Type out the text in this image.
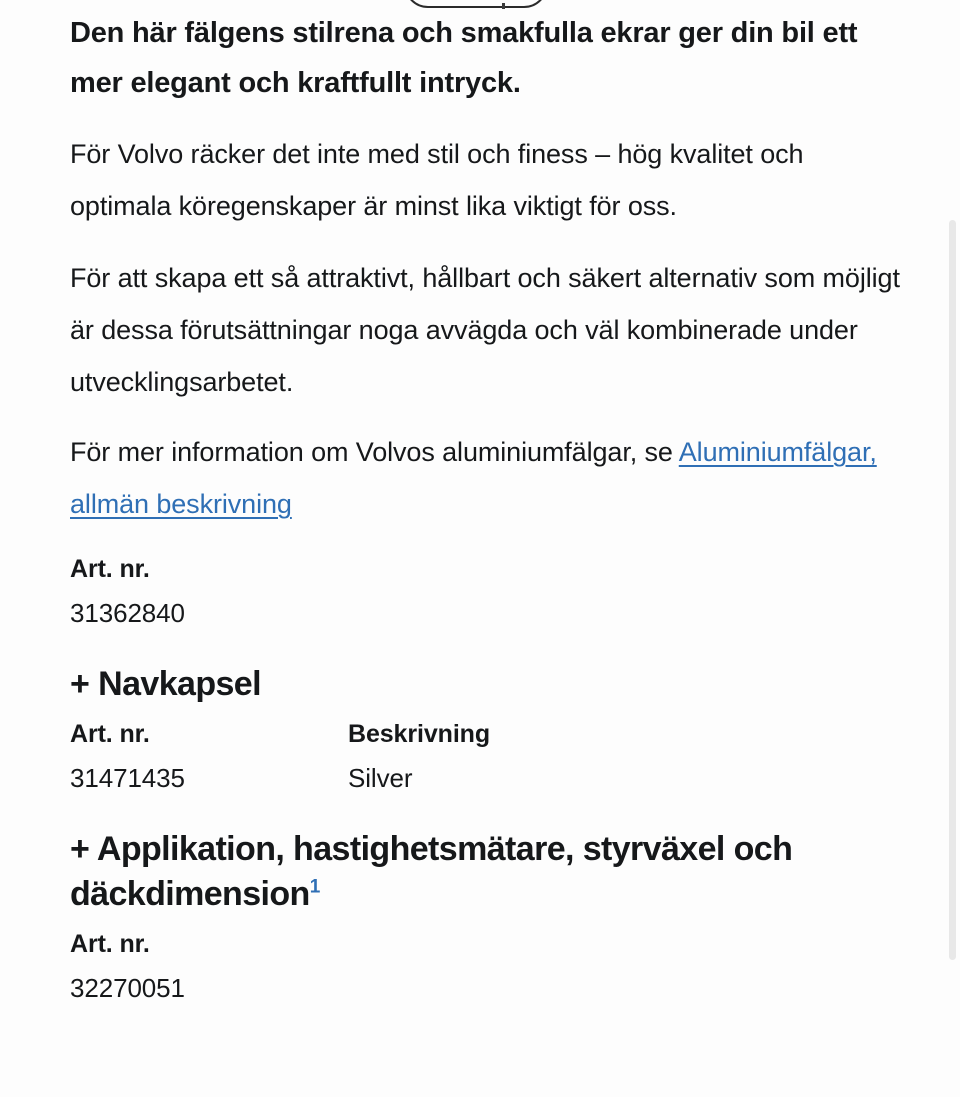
Den här fälgens stilrena och smakfulla ekrar ger din bil ett mer elegant och kraftfullt intryck.

För Volvo räcker det inte med stil och finess – hög kvalitet och optimala köregenskaper är minst lika viktigt för oss.

För att skapa ett så attraktivt, hållbart och säkert alternativ som möjligt är dessa förutsättningar noga avvägda och väl kombinerade under utvecklingsarbetet.

För mer information om Volvos aluminiumfälgar, se Aluminiumfälgar, allmän beskrivning

Art. nr.
31362840
+ Navkapsel
Art. nr.	Beskrivning
31471435	Silver
+ Applikation, hastighetsmätare, styrväxel och däckdimension$^1$
Art. nr.
32270051
